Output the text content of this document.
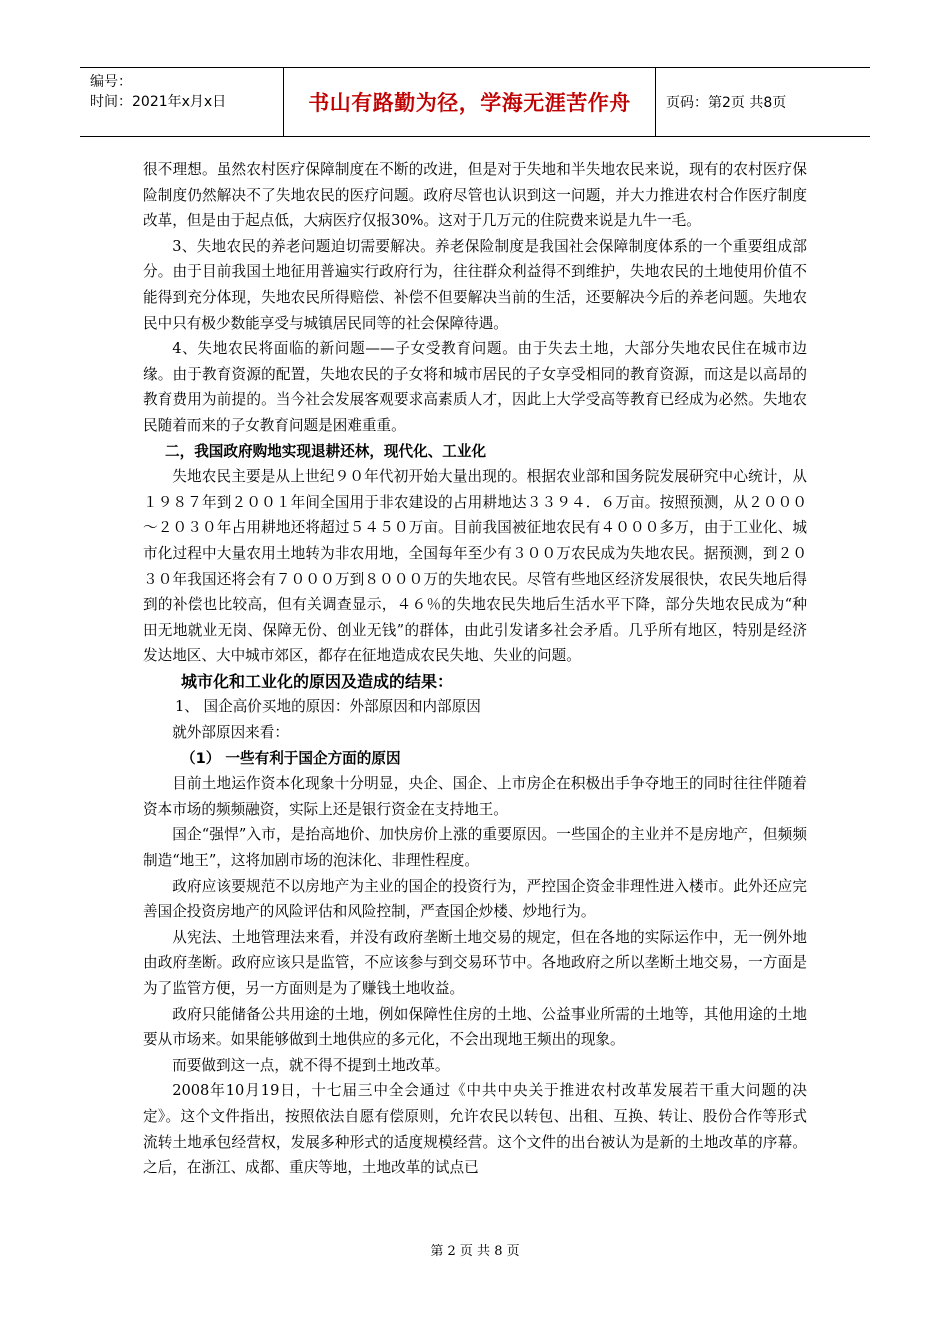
编号：
时间：2021年x月x日	书山有路勤为径，学海无涯苦作舟	页码：第2页 共8页

很不理想。虽然农村医疗保障制度在不断的改进，但是对于失地和半失地农民来说，现有的农村医疗保险制度仍然解决不了失地农民的医疗问题。政府尽管也认识到这一问题，并大力推进农村合作医疗制度改革，但是由于起点低，大病医疗仅报30%。这对于几万元的住院费来说是九牛一毛。

3、失地农民的养老问题迫切需要解决。养老保险制度是我国社会保障制度体系的一个重要组成部分。由于目前我国土地征用普遍实行政府行为，往往群众利益得不到维护，失地农民的土地使用价值不能得到充分体现，失地农民所得赔偿、补偿不但要解决当前的生活，还要解决今后的养老问题。失地农民中只有极少数能享受与城镇居民同等的社会保障待遇。

4、失地农民将面临的新问题——子女受教育问题。由于失去土地，大部分失地农民住在城市边缘。由于教育资源的配置，失地农民的子女将和城市居民的子女享受相同的教育资源，而这是以高昂的教育费用为前提的。当今社会发展客观要求高素质人才，因此上大学受高等教育已经成为必然。失地农民随着而来的子女教育问题是困难重重。

二，我国政府购地实现退耕还林，现代化、工业化

失地农民主要是从上世纪９０年代初开始大量出现的。根据农业部和国务院发展研究中心统计，从１９８７年到２００１年间全国用于非农建设的占用耕地达３３９４．６万亩。按照预测，从２０００～２０３０年占用耕地还将超过５４５０万亩。目前我国被征地农民有４０００多万，由于工业化、城市化过程中大量农用土地转为非农用地，全国每年至少有３００万农民成为失地农民。据预测，到２０３０年我国还将会有７０００万到８０００万的失地农民。尽管有些地区经济发展很快，农民失地后得到的补偿也比较高，但有关调查显示，４６％的失地农民失地后生活水平下降，部分失地农民成为“种田无地就业无岗、保障无份、创业无钱”的群体，由此引发诸多社会矛盾。几乎所有地区，特别是经济发达地区、大中城市郊区，都存在征地造成农民失地、失业的问题。

城市化和工业化的原因及造成的结果：

1、 国企高价买地的原因：外部原因和内部原因

就外部原因来看：

（1） 一些有利于国企方面的原因

目前土地运作资本化现象十分明显，央企、国企、上市房企在积极出手争夺地王的同时往往伴随着资本市场的频频融资，实际上还是银行资金在支持地王。

国企“强悍”入市，是抬高地价、加快房价上涨的重要原因。一些国企的主业并不是房地产，但频频制造“地王”，这将加剧市场的泡沫化、非理性程度。

政府应该要规范不以房地产为主业的国企的投资行为，严控国企资金非理性进入楼市。此外还应完善国企投资房地产的风险评估和风险控制，严查国企炒楼、炒地行为。

从宪法、土地管理法来看，并没有政府垄断土地交易的规定，但在各地的实际运作中，无一例外地由政府垄断。政府应该只是监管，不应该参与到交易环节中。各地政府之所以垄断土地交易，一方面是为了监管方便，另一方面则是为了赚钱土地收益。

政府只能储备公共用途的土地，例如保障性住房的土地、公益事业所需的土地等，其他用途的土地要从市场来。如果能够做到土地供应的多元化，不会出现地王频出的现象。

而要做到这一点，就不得不提到土地改革。

2008年10月19日，十七届三中全会通过《中共中央关于推进农村改革发展若干重大问题的决定》。这个文件指出，按照依法自愿有偿原则，允许农民以转包、出租、互换、转让、股份合作等形式流转土地承包经营权，发展多种形式的适度规模经营。这个文件的出台被认为是新的土地改革的序幕。之后，在浙江、成都、重庆等地，土地改革的试点已

第 2 页 共 8 页
